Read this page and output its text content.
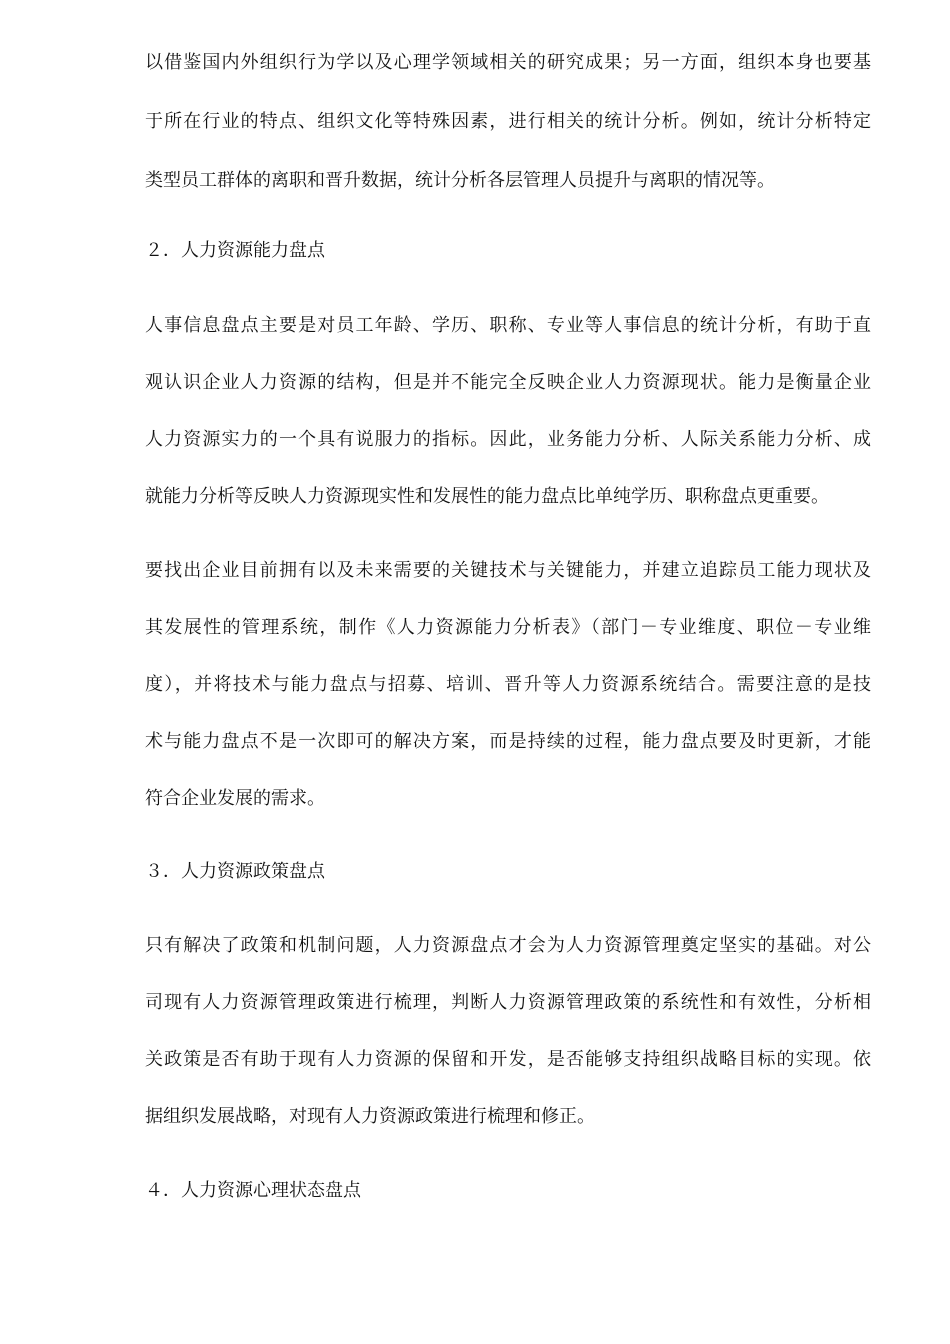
以借鉴国内外组织行为学以及心理学领域相关的研究成果；另一方面，组织本身也要基
于所在行业的特点、组织文化等特殊因素，进行相关的统计分析。例如，统计分析特定
类型员工群体的离职和晋升数据，统计分析各层管理人员提升与离职的情况等。
２．人力资源能力盘点
人事信息盘点主要是对员工年龄、学历、职称、专业等人事信息的统计分析，有助于直
观认识企业人力资源的结构，但是并不能完全反映企业人力资源现状。能力是衡量企业
人力资源实力的一个具有说服力的指标。因此，业务能力分析、人际关系能力分析、成
就能力分析等反映人力资源现实性和发展性的能力盘点比单纯学历、职称盘点更重要。
要找出企业目前拥有以及未来需要的关键技术与关键能力，并建立追踪员工能力现状及
其发展性的管理系统，制作《人力资源能力分析表》（部门－专业维度、职位－专业维
度），并将技术与能力盘点与招募、培训、晋升等人力资源系统结合。需要注意的是技
术与能力盘点不是一次即可的解决方案，而是持续的过程，能力盘点要及时更新，才能
符合企业发展的需求。
３．人力资源政策盘点
只有解决了政策和机制问题，人力资源盘点才会为人力资源管理奠定坚实的基础。对公
司现有人力资源管理政策进行梳理，判断人力资源管理政策的系统性和有效性，分析相
关政策是否有助于现有人力资源的保留和开发，是否能够支持组织战略目标的实现。依
据组织发展战略，对现有人力资源政策进行梳理和修正。
４．人力资源心理状态盘点
